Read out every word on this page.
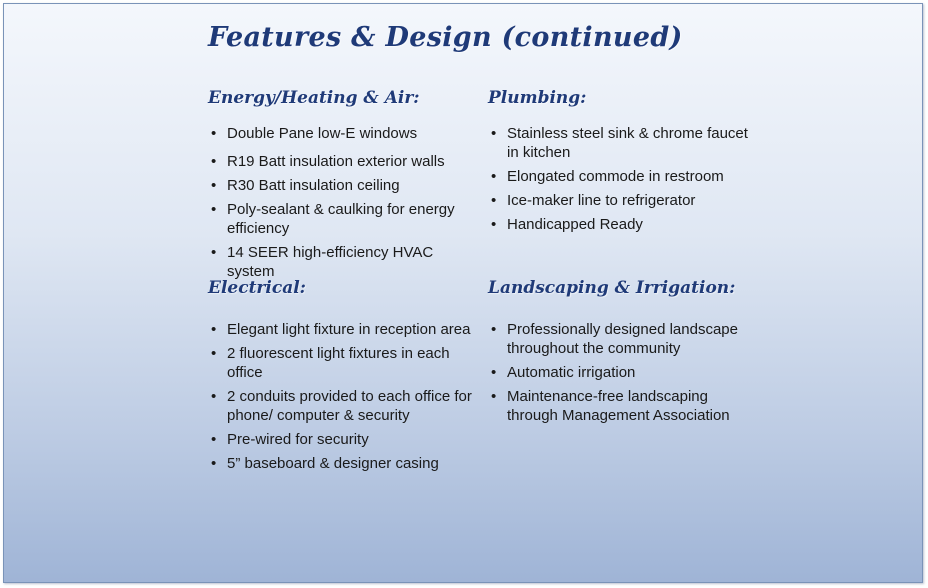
Features & Design (continued)
Energy/Heating & Air:
• Double Pane low-E windows
• R19 Batt insulation exterior walls
• R30 Batt insulation ceiling
• Poly-sealant & caulking for energy efficiency
• 14 SEER high-efficiency HVAC system
Plumbing:
• Stainless steel sink & chrome faucet in kitchen
• Elongated commode in restroom
• Ice-maker line to refrigerator
• Handicapped Ready
Electrical:
• Elegant light fixture in reception area
• 2 fluorescent light fixtures in each office
• 2 conduits provided to each office for phone/ computer & security
• Pre-wired for security
• 5” baseboard & designer casing
Landscaping & Irrigation:
• Professionally designed landscape throughout the community
• Automatic irrigation
• Maintenance-free landscaping through Management Association
